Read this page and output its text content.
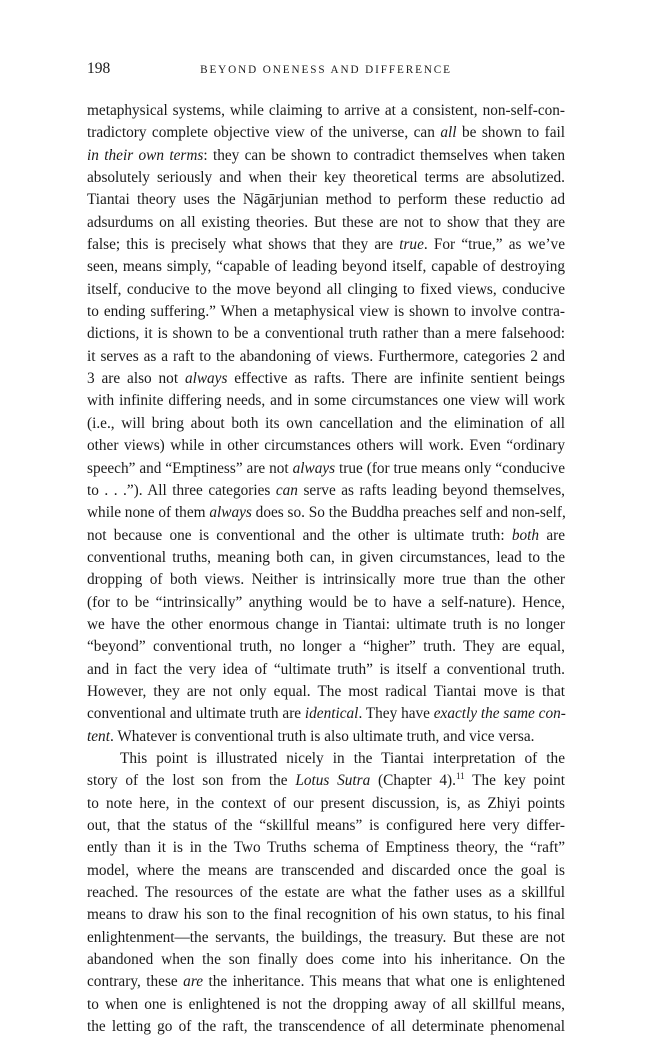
198	BEYOND ONENESS AND DIFFERENCE
metaphysical systems, while claiming to arrive at a consistent, non-self-con-
tradictory complete objective view of the universe, can all be shown to fail
in their own terms: they can be shown to contradict themselves when taken
absolutely seriously and when their key theoretical terms are absolutized.
Tiantai theory uses the Nāgārjunian method to perform these reductio ad
adsurdums on all existing theories. But these are not to show that they are
false; this is precisely what shows that they are true. For “true,” as we’ve
seen, means simply, “capable of leading beyond itself, capable of destroying
itself, conducive to the move beyond all clinging to fixed views, conducive
to ending suffering.” When a metaphysical view is shown to involve contra-
dictions, it is shown to be a conventional truth rather than a mere falsehood:
it serves as a raft to the abandoning of views. Furthermore, categories 2 and
3 are also not always effective as rafts. There are infinite sentient beings
with infinite differing needs, and in some circumstances one view will work
(i.e., will bring about both its own cancellation and the elimination of all
other views) while in other circumstances others will work. Even “ordinary
speech” and “Emptiness” are not always true (for true means only “conducive
to . . .”). All three categories can serve as rafts leading beyond themselves,
while none of them always does so. So the Buddha preaches self and non-self,
not because one is conventional and the other is ultimate truth: both are
conventional truths, meaning both can, in given circumstances, lead to the
dropping of both views. Neither is intrinsically more true than the other
(for to be “intrinsically” anything would be to have a self-nature). Hence,
we have the other enormous change in Tiantai: ultimate truth is no longer
“beyond” conventional truth, no longer a “higher” truth. They are equal,
and in fact the very idea of “ultimate truth” is itself a conventional truth.
However, they are not only equal. The most radical Tiantai move is that
conventional and ultimate truth are identical. They have exactly the same con-
tent. Whatever is conventional truth is also ultimate truth, and vice versa.
This point is illustrated nicely in the Tiantai interpretation of the
story of the lost son from the Lotus Sutra (Chapter 4).$^{11}$ The key point
to note here, in the context of our present discussion, is, as Zhiyi points
out, that the status of the “skillful means” is configured here very differ-
ently than it is in the Two Truths schema of Emptiness theory, the “raft”
model, where the means are transcended and discarded once the goal is
reached. The resources of the estate are what the father uses as a skillful
means to draw his son to the final recognition of his own status, to his final
enlightenment—the servants, the buildings, the treasury. But these are not
abandoned when the son finally does come into his inheritance. On the
contrary, these are the inheritance. This means that what one is enlightened
to when one is enlightened is not the dropping away of all skillful means,
the letting go of the raft, the transcendence of all determinate phenomenal
